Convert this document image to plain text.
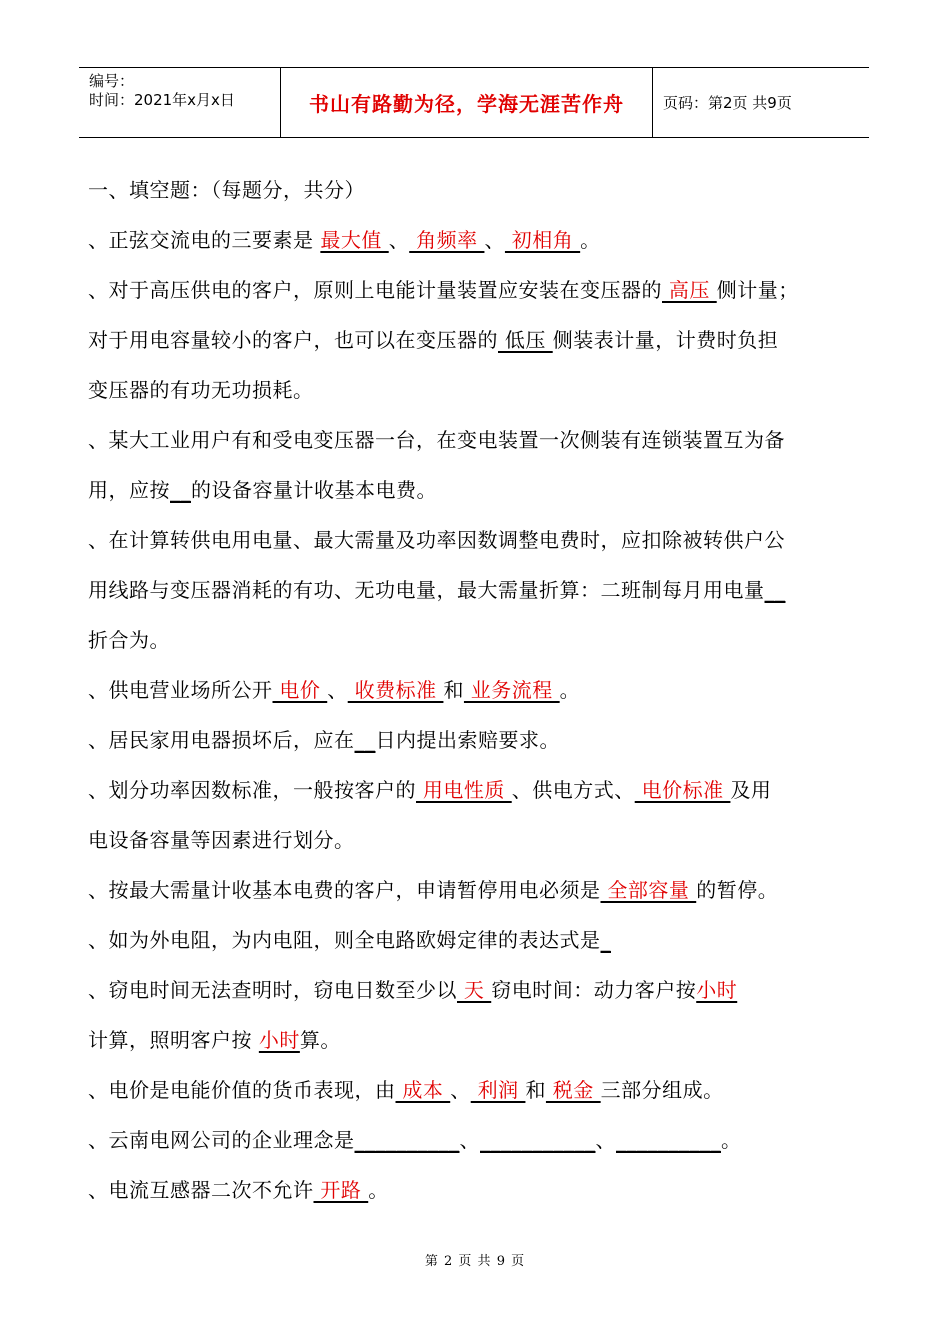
编号：
时间：2021年x月x日	书山有路勤为径，学海无涯苦作舟	页码：第2页 共9页
一、填空题：（每题分，共分）
、正弦交流电的三要素是 最大值 、 角频率 、 初相角 。
、对于高压供电的客户，原则上电能计量装置应安装在变压器的 高压 侧计量；
对于用电容量较小的客户，也可以在变压器的 低压 侧装表计量，计费时负担
变压器的有功无功损耗。
、某大工业用户有和受电变压器一台，在变电装置一次侧装有连锁装置互为备
用，应按__的设备容量计收基本电费。
、在计算转供电用电量、最大需量及功率因数调整电费时，应扣除被转供户公
用线路与变压器消耗的有功、无功电量，最大需量折算：二班制每月用电量__
折合为。
、供电营业场所公开 电价 、 收费标准 和 业务流程 。
、居民家用电器损坏后，应在__日内提出索赔要求。
、划分功率因数标准，一般按客户的 用电性质 、供电方式、 电价标准 及用
电设备容量等因素进行划分。
、按最大需量计收基本电费的客户，申请暂停用电必须是 全部容量 的暂停。
、如为外电阻，为内电阻，则全电路欧姆定律的表达式是_
、窃电时间无法查明时，窃电日数至少以 天 窃电时间：动力客户按小时
计算，照明客户按 小时算。
、电价是电能价值的货币表现，由 成本 、 利润 和 税金 三部分组成。
、云南电网公司的企业理念是__________、___________、__________。
、电流互感器二次不允许 开路 。
第 2 页 共 9 页
